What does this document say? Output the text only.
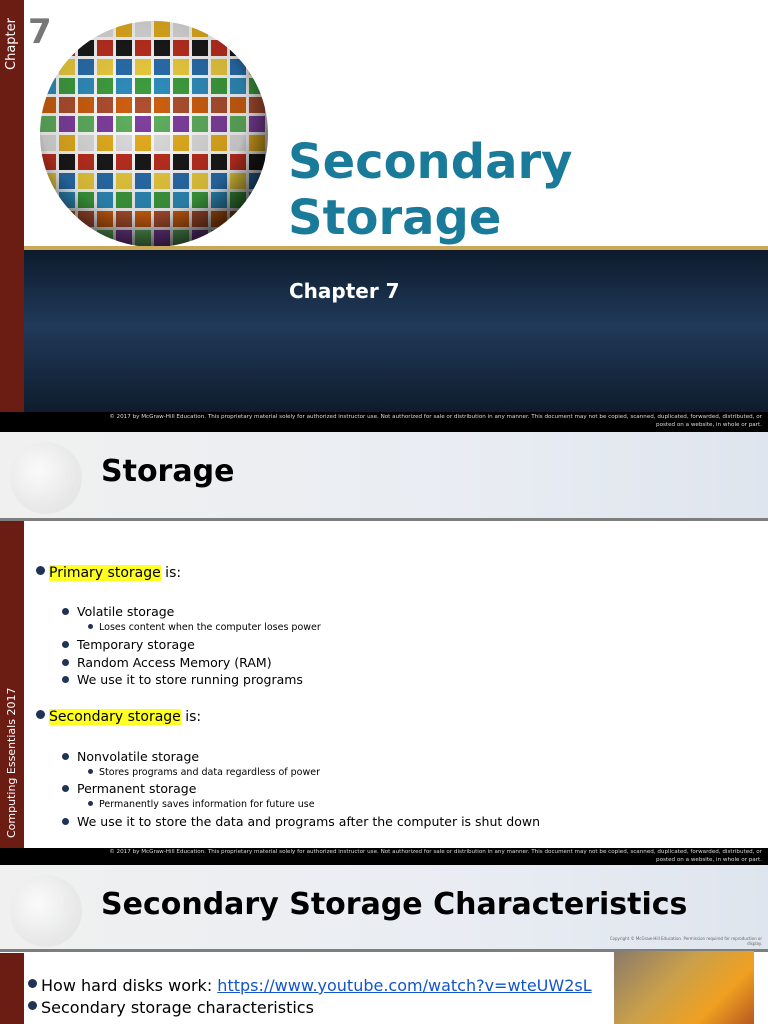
Chapter 7
Secondary
Storage
Chapter 7
© 2017 by McGraw-Hill Education. This proprietary material solely for authorized instructor use. Not authorized for sale or distribution in any manner. This document may not be copied, scanned, duplicated, forwarded, distributed, or
posted on a website, in whole or part.
Computing Essentials 2017
Storage
Primary storage is:
Volatile storage
Loses content when the computer loses power
Temporary storage
Random Access Memory (RAM)
We use it to store running programs
Secondary storage is:
Nonvolatile storage
Stores programs and data regardless of power
Permanent storage
Permanently saves information for future use
We use it to store the data and programs after the computer is shut down
© 2017 by McGraw-Hill Education. This proprietary material solely for authorized instructor use. Not authorized for sale or distribution in any manner. This document may not be copied, scanned, duplicated, forwarded, distributed, or
posted on a website, in whole or part.
Secondary Storage Characteristics
Copyright © McGraw-Hill Education. Permission required for reproduction or display.
How hard disks work: https://www.youtube.com/watch?v=wteUW2sL
Secondary storage characteristics
